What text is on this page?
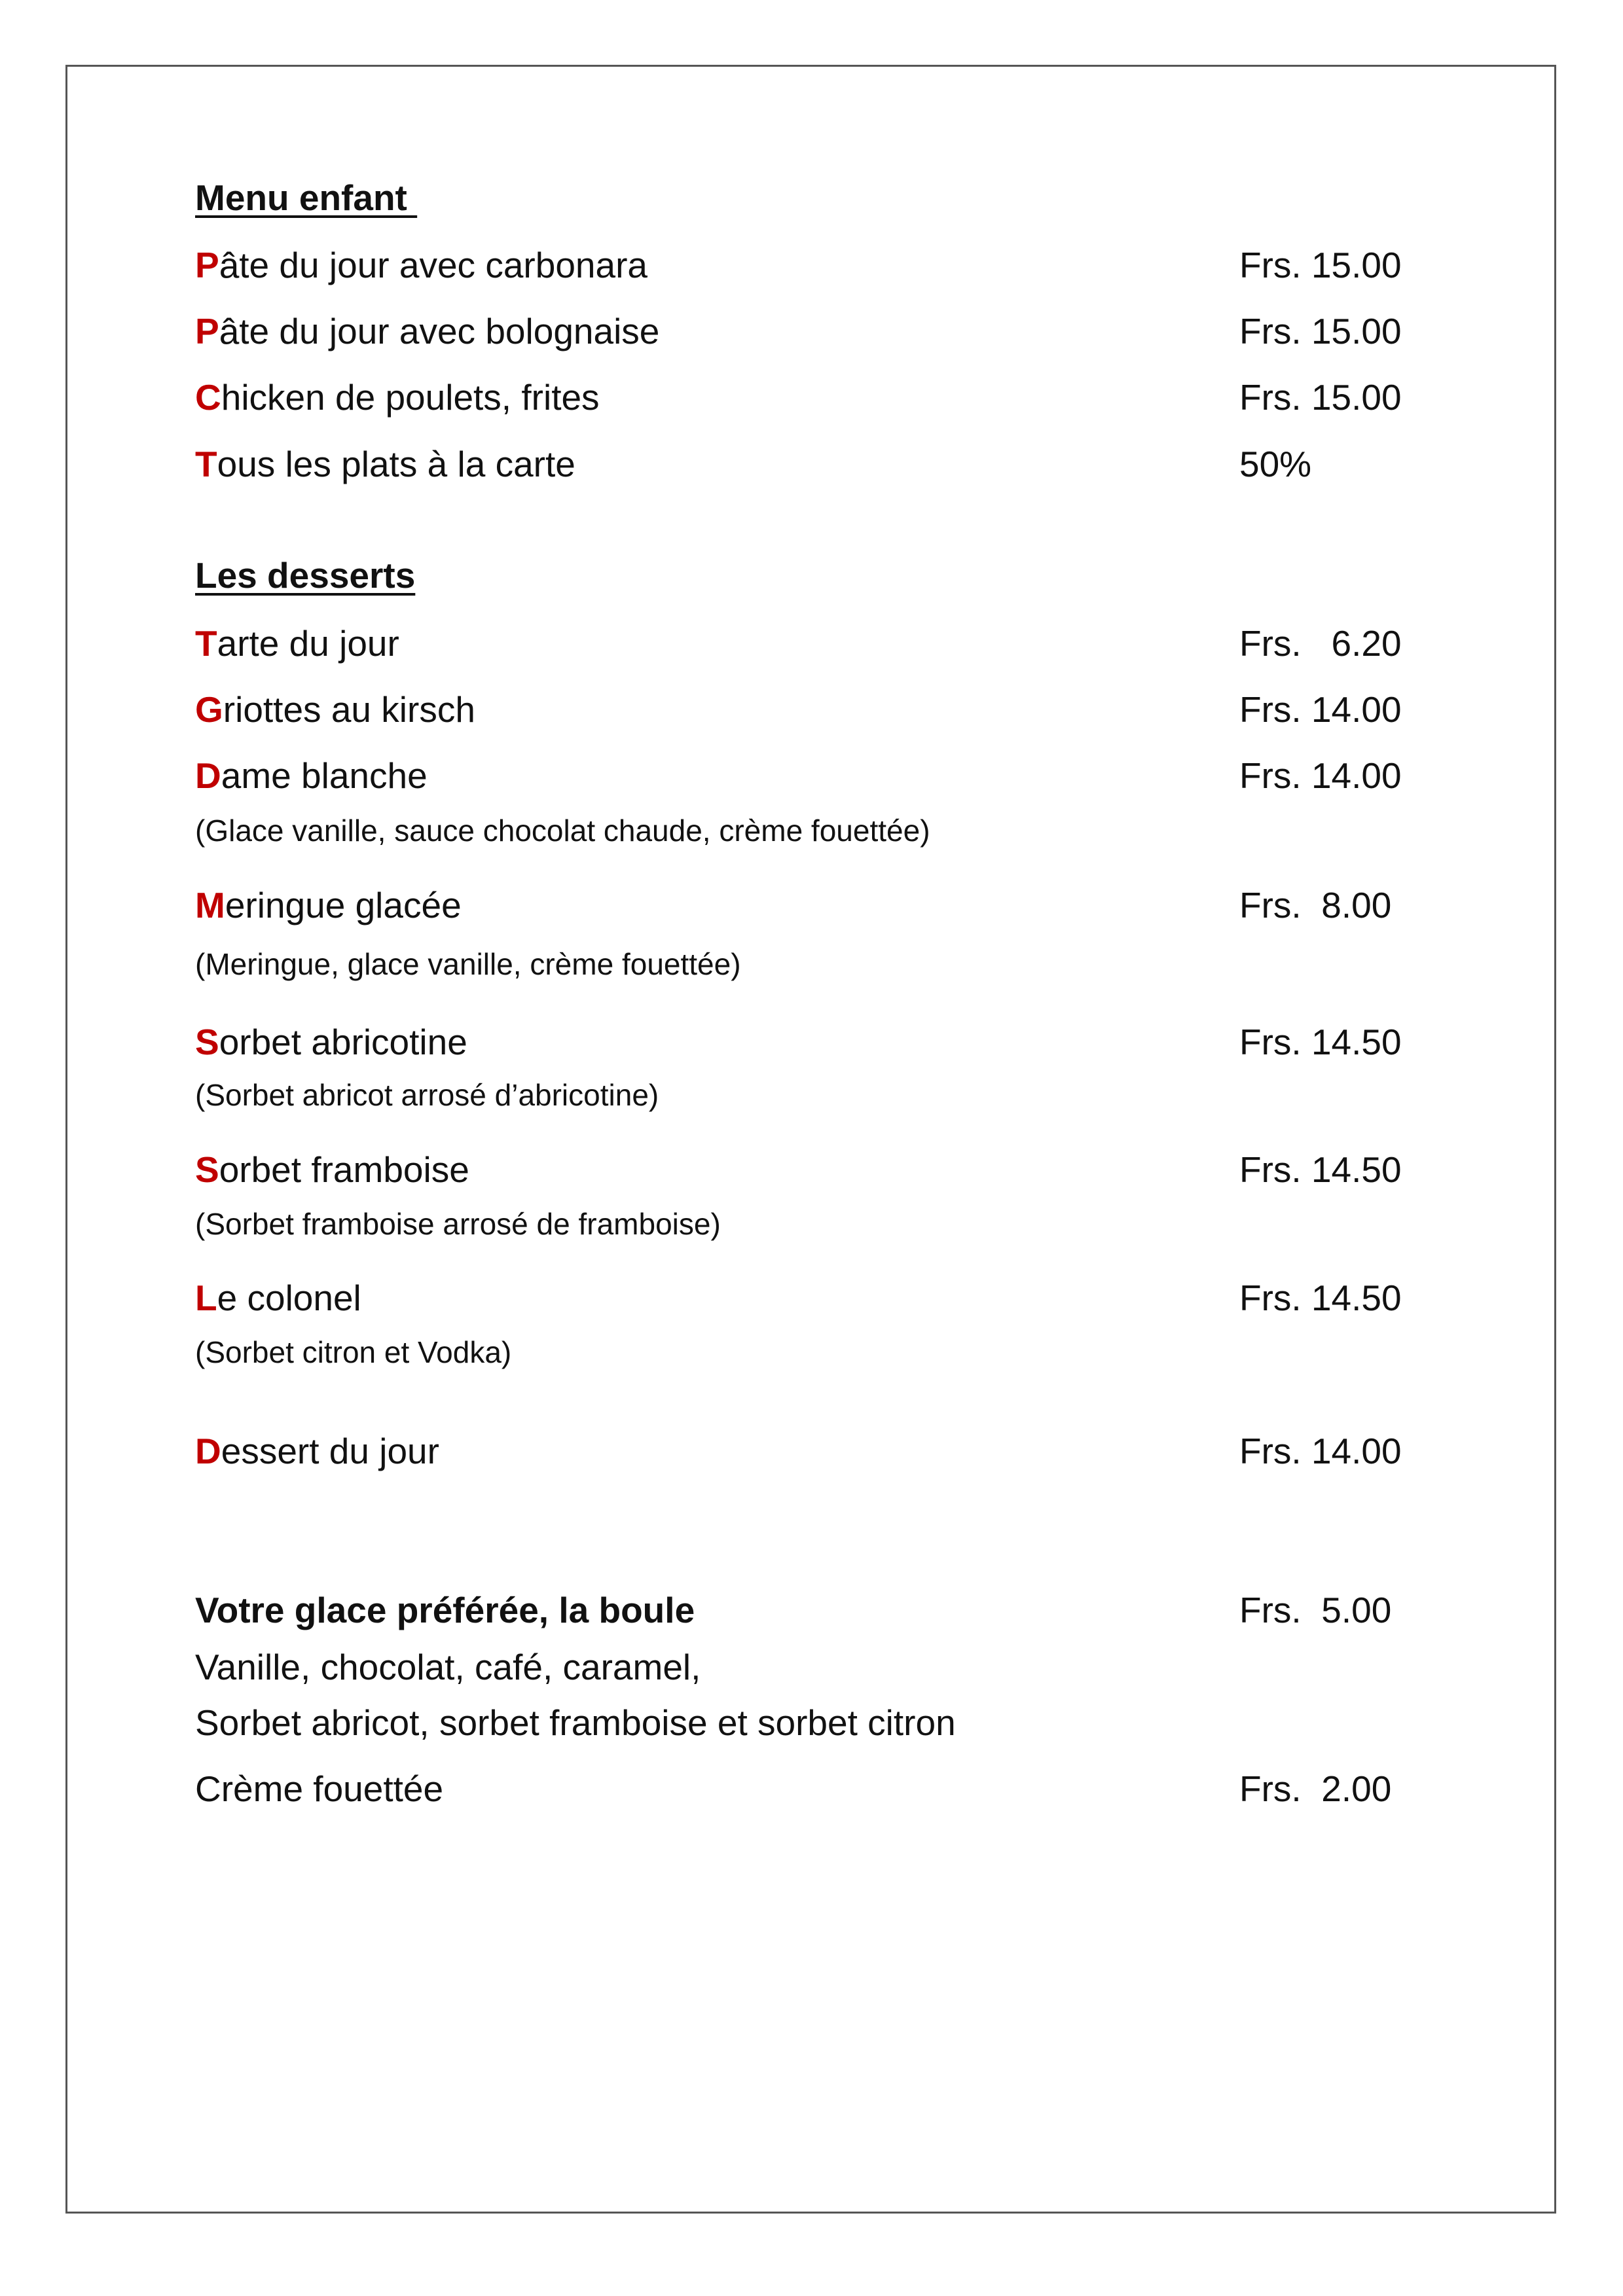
Menu enfant
Pâte du jour avec carbonara	Frs. 15.00
Pâte du jour avec bolognaise	Frs. 15.00
Chicken de poulets, frites	Frs. 15.00
Tous les plats à la carte	50%
Les desserts
Tarte du jour	Frs.   6.20
Griottes au kirsch	Frs. 14.00
Dame blanche	Frs. 14.00
(Glace vanille, sauce chocolat chaude, crème fouettée)
Meringue glacée	Frs.  8.00
(Meringue, glace vanille, crème fouettée)
Sorbet abricotine	Frs. 14.50
(Sorbet abricot arrosé d’abricotine)
Sorbet framboise	Frs. 14.50
(Sorbet framboise arrosé de framboise)
Le colonel	Frs. 14.50
(Sorbet citron et Vodka)
Dessert du jour	Frs. 14.00
Votre glace préférée, la boule	Frs.  5.00
Vanille, chocolat, café, caramel,
Sorbet abricot, sorbet framboise et sorbet citron
Crème fouettée	Frs.  2.00
